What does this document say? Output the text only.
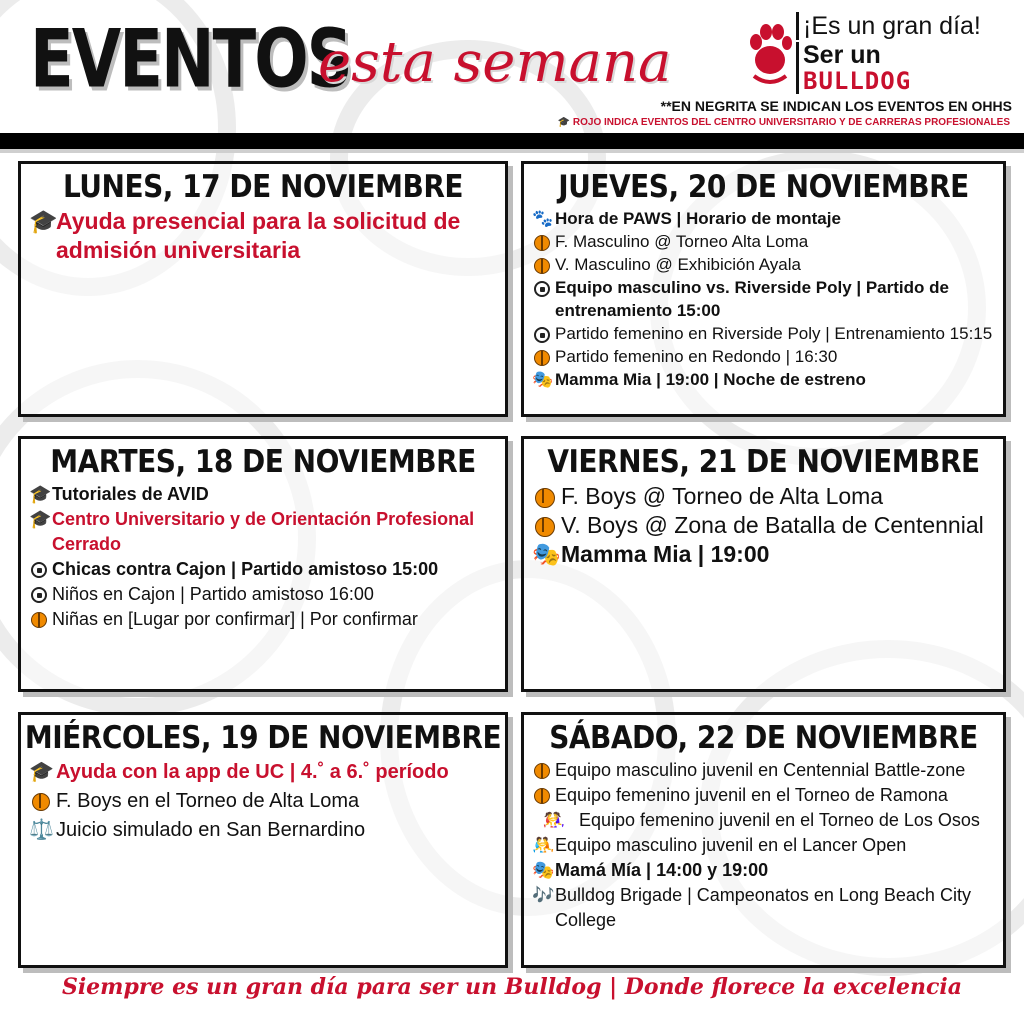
EVENTOS
esta semana
¡Es un gran día!
Ser un
BULLDOG
**EN NEGRITA SE INDICAN LOS EVENTOS EN OHHS
🎓 ROJO INDICA EVENTOS DEL CENTRO UNIVERSITARIO Y DE CARRERAS PROFESIONALES
LUNES, 17 DE NOVIEMBRE
🎓
Ayuda presencial para la solicitud de admisión universitaria
JUEVES, 20 DE NOVIEMBRE
🐾 Hora de PAWS | Horario de montaje
F. Masculino @ Torneo Alta Loma
V. Masculino @ Exhibición Ayala
Equipo masculino vs. Riverside Poly | Partido de entrenamiento 15:00
Partido femenino en Riverside Poly | Entrenamiento 15:15
Partido femenino en Redondo | 16:30
🎭 Mamma Mia | 19:00 | Noche de estreno
MARTES, 18 DE NOVIEMBRE
🎓 Tutoriales de AVID
🎓 Centro Universitario y de Orientación Profesional Cerrado
Chicas contra Cajon | Partido amistoso 15:00
Niños en Cajon | Partido amistoso 16:00
Niñas en [Lugar por confirmar] | Por confirmar
VIERNES, 21 DE NOVIEMBRE
F. Boys @ Torneo de Alta Loma
V. Boys @ Zona de Batalla de Centennial
🎭 Mamma Mia | 19:00
MIÉRCOLES, 19 DE NOVIEMBRE
🎓 Ayuda con la app de UC | 4.˚ a 6.˚ período
F. Boys en el Torneo de Alta Loma
⚖️ Juicio simulado en San Bernardino
SÁBADO, 22 DE NOVIEMBRE
Equipo masculino juvenil en Centennial Battle-zone
Equipo femenino juvenil en el Torneo de Ramona
🤼‍♀️ Equipo femenino juvenil en el Torneo de Los Osos
🤼 Equipo masculino juvenil en el Lancer Open
🎭 Mamá Mía | 14:00 y 19:00
🎶 Bulldog Brigade | Campeonatos en Long Beach City College
Siempre es un gran día para ser un Bulldog | Donde florece la excelencia
